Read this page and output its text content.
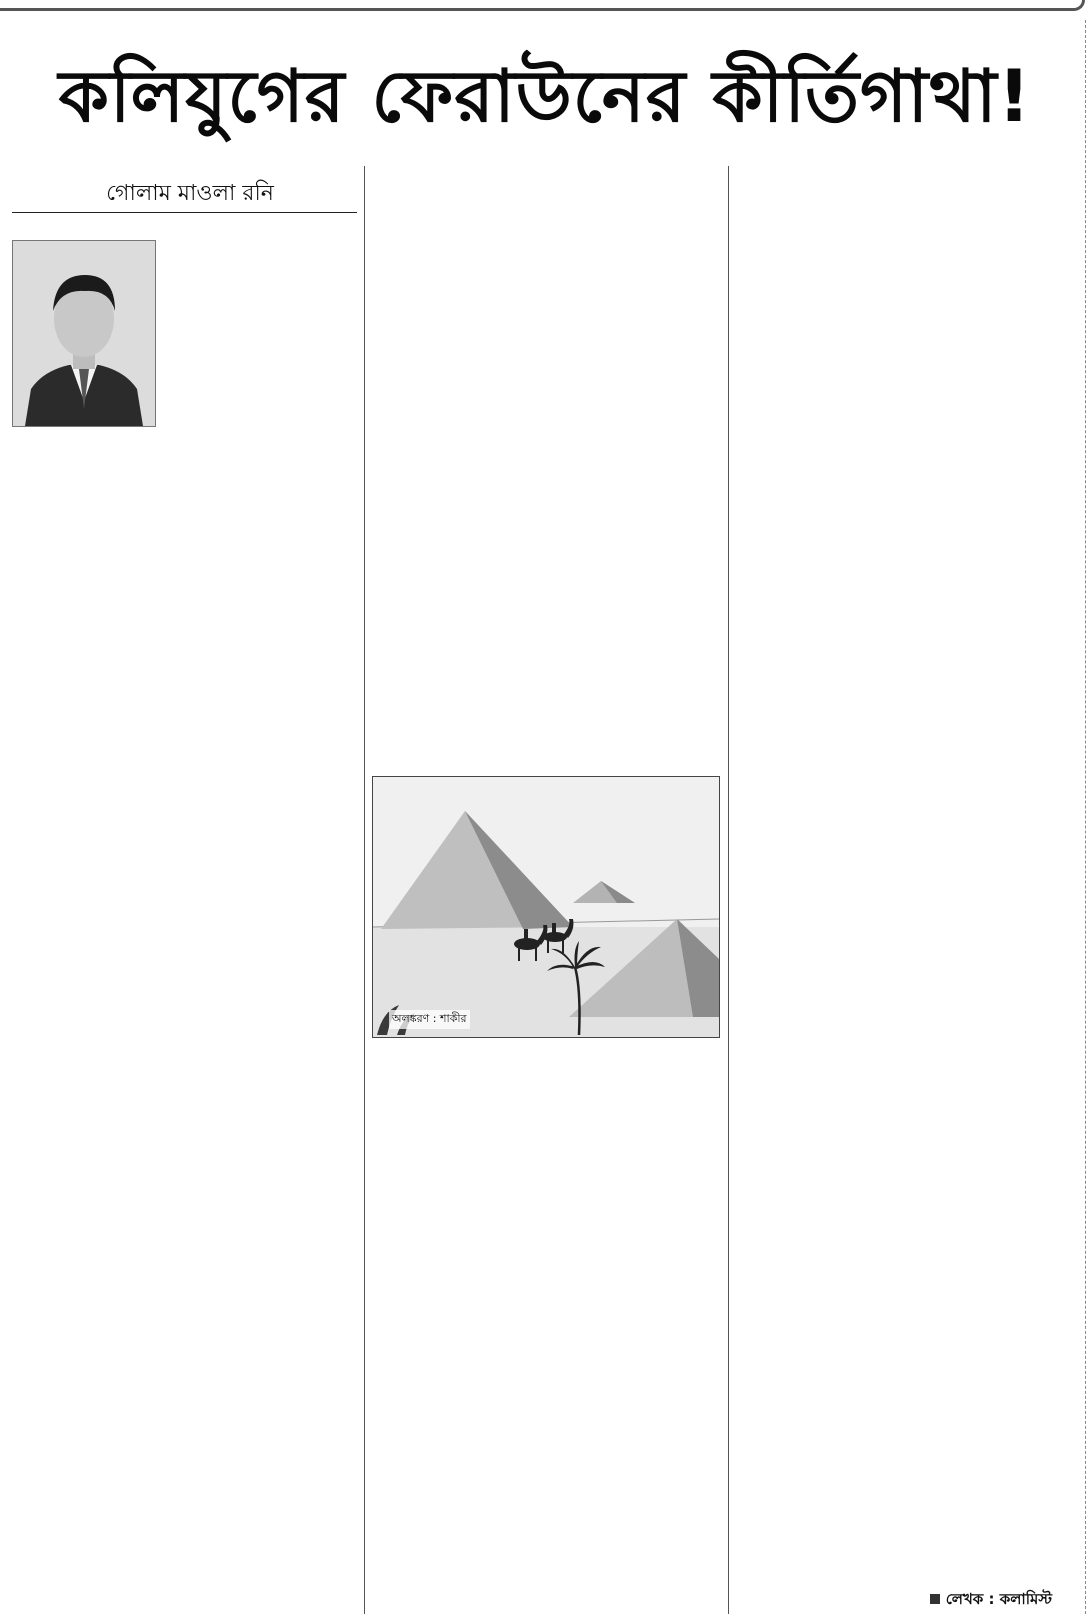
কলিযুগের ফেরাউনের কীর্তিগাথা!
গোলাম মাওলা রনি
অলঙ্করণ : শাকীর
লেখক : কলামিস্ট
